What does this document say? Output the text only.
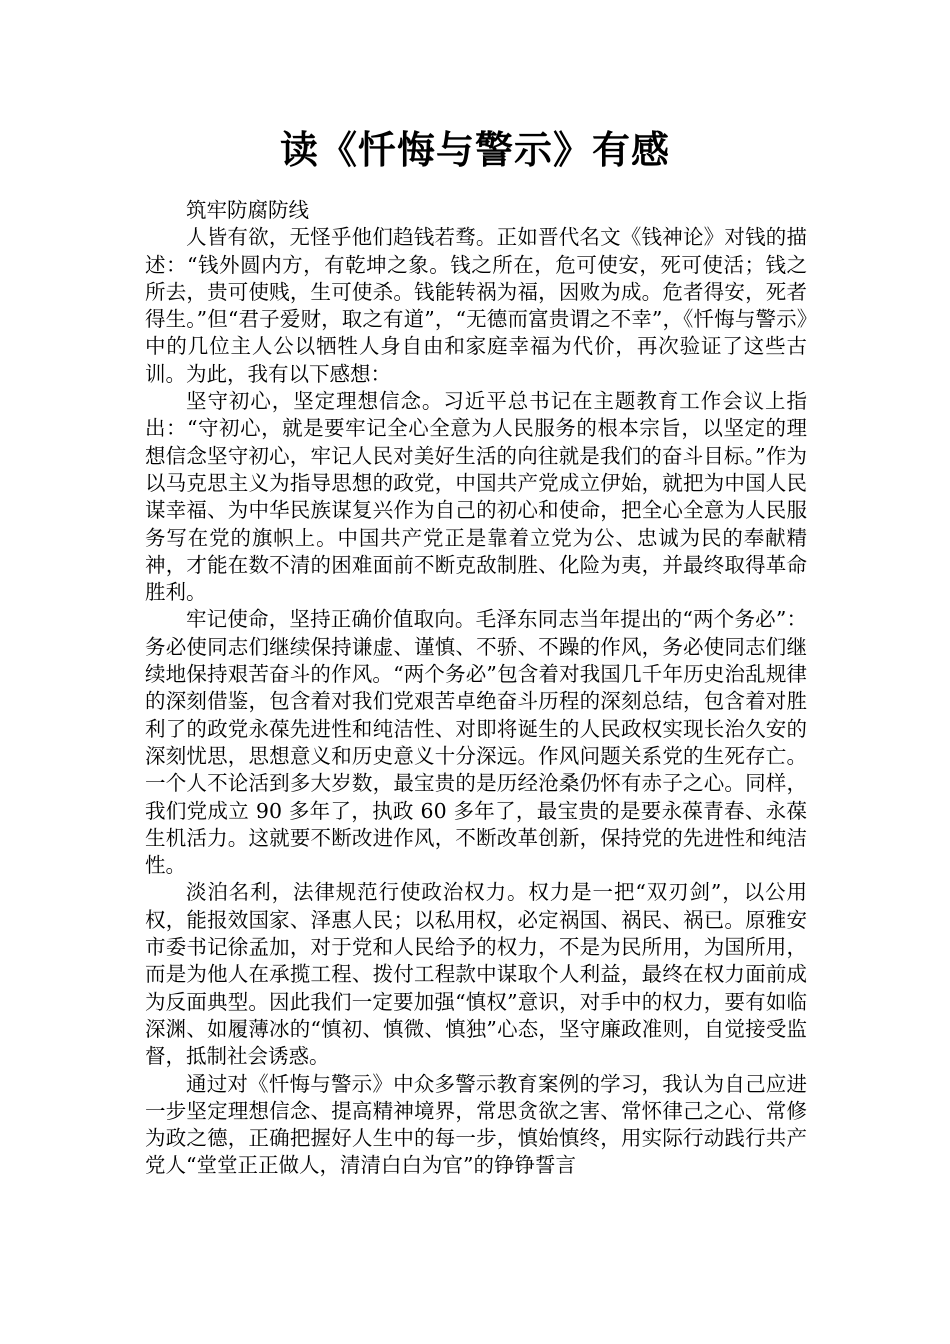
读《忏悔与警示》有感

筑牢防腐防线

人皆有欲，无怪乎他们趋钱若骛。正如晋代名文《钱神论》对钱的描述：“钱外圆内方，有乾坤之象。钱之所在，危可使安，死可使活；钱之所去，贵可使贱，生可使杀。钱能转祸为福，因败为成。危者得安，死者得生。”但“君子爱财，取之有道”，“无德而富贵谓之不幸”，《忏悔与警示》中的几位主人公以牺牲人身自由和家庭幸福为代价，再次验证了这些古训。为此，我有以下感想：

坚守初心，坚定理想信念。习近平总书记在主题教育工作会议上指出：“守初心，就是要牢记全心全意为人民服务的根本宗旨，以坚定的理想信念坚守初心，牢记人民对美好生活的向往就是我们的奋斗目标。”作为以马克思主义为指导思想的政党，中国共产党成立伊始，就把为中国人民谋幸福、为中华民族谋复兴作为自己的初心和使命，把全心全意为人民服务写在党的旗帜上。中国共产党正是靠着立党为公、忠诚为民的奉献精神，才能在数不清的困难面前不断克敌制胜、化险为夷，并最终取得革命胜利。

牢记使命，坚持正确价值取向。毛泽东同志当年提出的“两个务必”：务必使同志们继续保持谦虚、谨慎、不骄、不躁的作风，务必使同志们继续地保持艰苦奋斗的作风。“两个务必”包含着对我国几千年历史治乱规律的深刻借鉴，包含着对我们党艰苦卓绝奋斗历程的深刻总结，包含着对胜利了的政党永葆先进性和纯洁性、对即将诞生的人民政权实现长治久安的深刻忧思，思想意义和历史意义十分深远。作风问题关系党的生死存亡。一个人不论活到多大岁数，最宝贵的是历经沧桑仍怀有赤子之心。同样，我们党成立 90 多年了，执政 60 多年了，最宝贵的是要永葆青春、永葆生机活力。这就要不断改进作风，不断改革创新，保持党的先进性和纯洁性。

淡泊名利，法律规范行使政治权力。权力是一把“双刃剑”，以公用权，能报效国家、泽惠人民；以私用权，必定祸国、祸民、祸已。原雅安市委书记徐孟加，对于党和人民给予的权力，不是为民所用，为国所用，而是为他人在承揽工程、拨付工程款中谋取个人利益，最终在权力面前成为反面典型。因此我们一定要加强“慎权”意识，对手中的权力，要有如临深渊、如履薄冰的“慎初、慎微、慎独”心态，坚守廉政准则，自觉接受监督，抵制社会诱惑。

通过对《忏悔与警示》中众多警示教育案例的学习，我认为自己应进一步坚定理想信念、提高精神境界，常思贪欲之害、常怀律己之心、常修为政之德，正确把握好人生中的每一步，慎始慎终，用实际行动践行共产党人“堂堂正正做人，清清白白为官”的铮铮誓言
